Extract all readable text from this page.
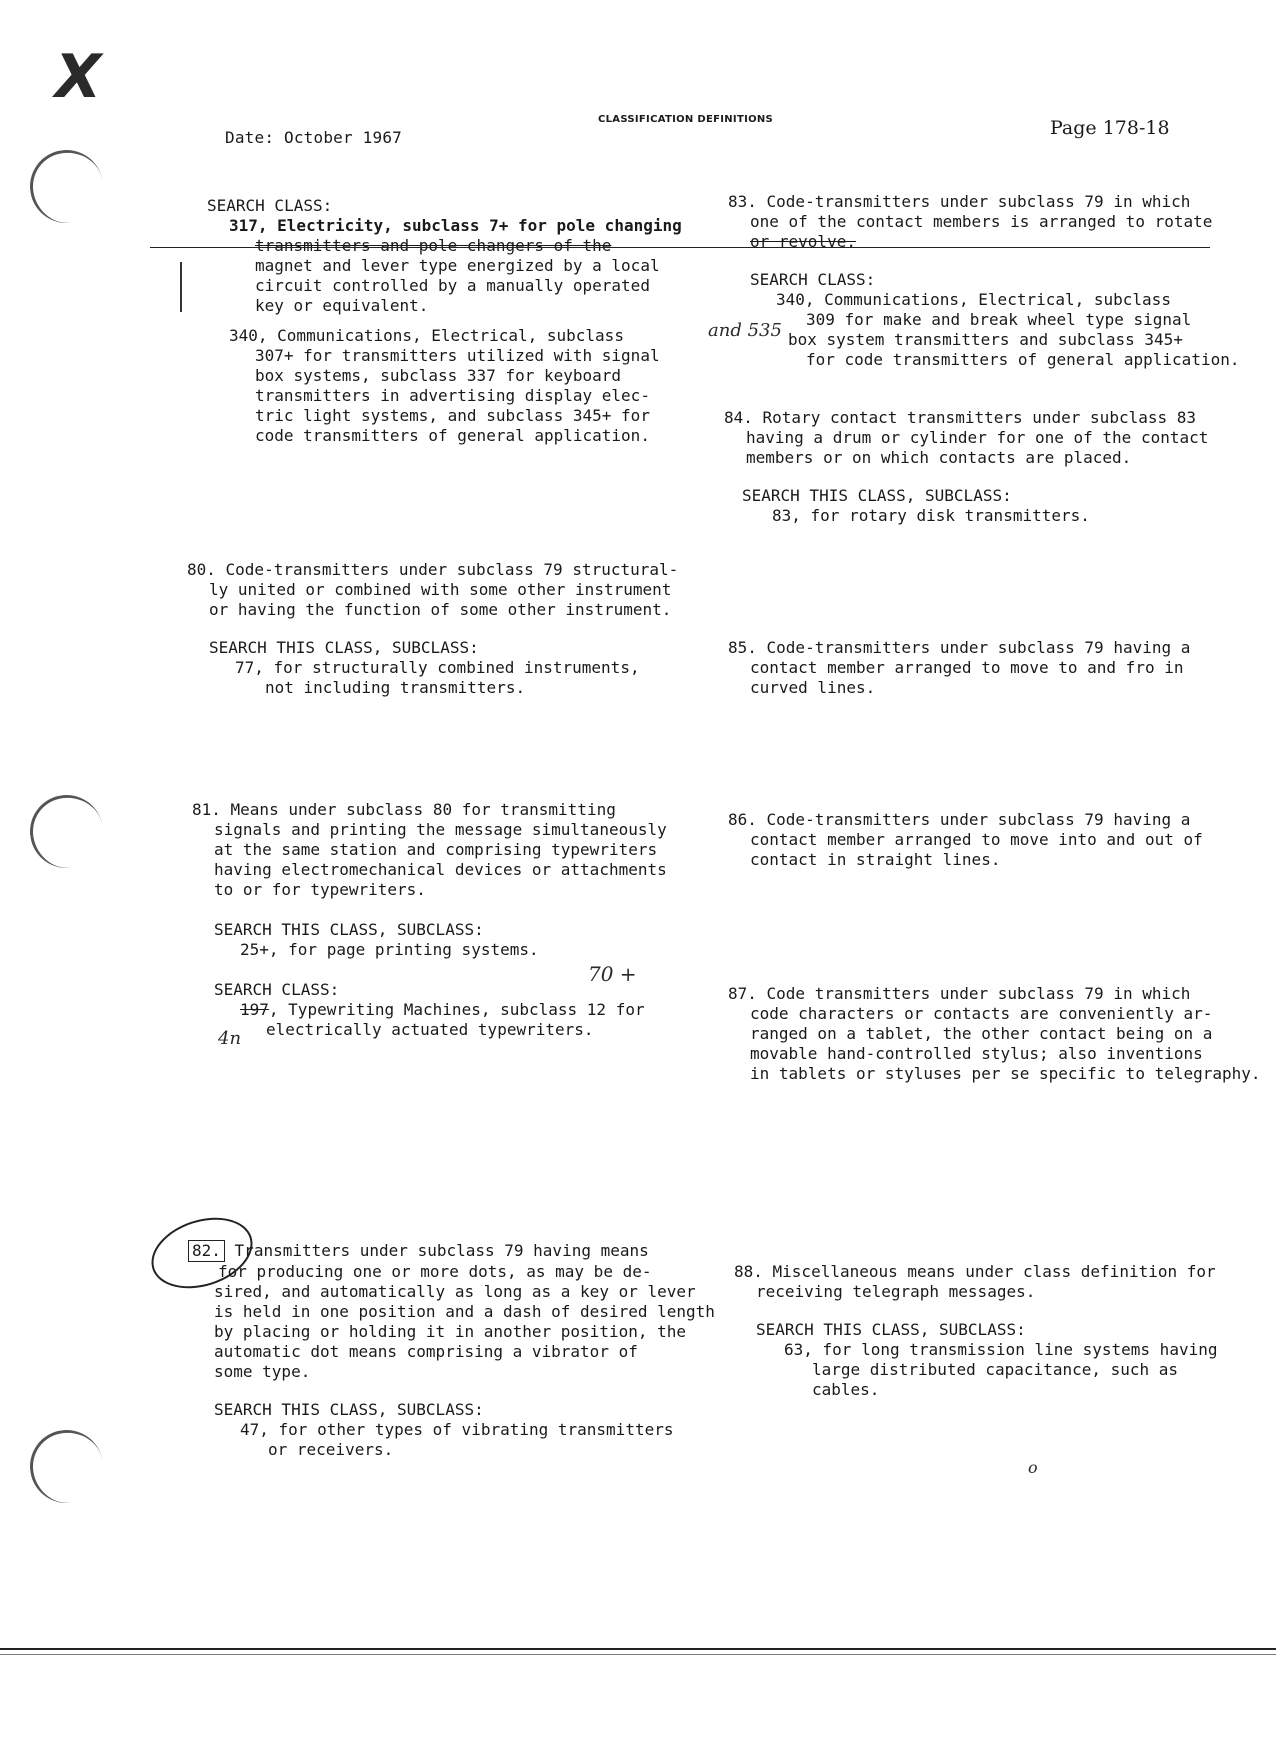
X
Date: October 1967
CLASSIFICATION DEFINITIONS	Page 178-18
SEARCH CLASS:
317, Electricity, subclass 7+ for pole changing
transmitters and pole changers of the
magnet and lever type energized by a local
circuit controlled by a manually operated
key or equivalent.
340, Communications, Electrical, subclass
307+ for transmitters utilized with signal
box systems, subclass 337 for keyboard
transmitters in advertising display elec-
tric light systems, and subclass 345+ for
code transmitters of general application.
80. Code-transmitters under subclass 79 structural-
ly united or combined with some other instrument
or having the function of some other instrument.
SEARCH THIS CLASS, SUBCLASS:
77, for structurally combined instruments,
not including transmitters.
81. Means under subclass 80 for transmitting
signals and printing the message simultaneously
at the same station and comprising typewriters
having electromechanical devices or attachments
to or for typewriters.
SEARCH THIS CLASS, SUBCLASS:
25+, for page printing systems.
SEARCH CLASS:
197, Typewriting Machines, subclass 12 for
electrically actuated typewriters.
70 +
4n
82. Transmitters under subclass 79 having means
for producing one or more dots, as may be de-
sired, and automatically as long as a key or lever
is held in one position and a dash of desired length
by placing or holding it in another position, the
automatic dot means comprising a vibrator of
some type.
SEARCH THIS CLASS, SUBCLASS:
47, for other types of vibrating transmitters
or receivers.
83. Code-transmitters under subclass 79 in which
one of the contact members is arranged to rotate
or revolve.
SEARCH CLASS:
340, Communications, Electrical, subclass
309 for make and break wheel type signal
box system transmitters and subclass 345+
for code transmitters of general application.
and 535
84. Rotary contact transmitters under subclass 83
having a drum or cylinder for one of the contact
members or on which contacts are placed.
SEARCH THIS CLASS, SUBCLASS:
83, for rotary disk transmitters.
85. Code-transmitters under subclass 79 having a
contact member arranged to move to and fro in
curved lines.
86. Code-transmitters under subclass 79 having a
contact member arranged to move into and out of
contact in straight lines.
87. Code transmitters under subclass 79 in which
code characters or contacts are conveniently ar-
ranged on a tablet, the other contact being on a
movable hand-controlled stylus; also inventions
in tablets or styluses per se specific to telegraphy.
88. Miscellaneous means under class definition for
receiving telegraph messages.
SEARCH THIS CLASS, SUBCLASS:
63, for long transmission line systems having
large distributed capacitance, such as
cables.
o
